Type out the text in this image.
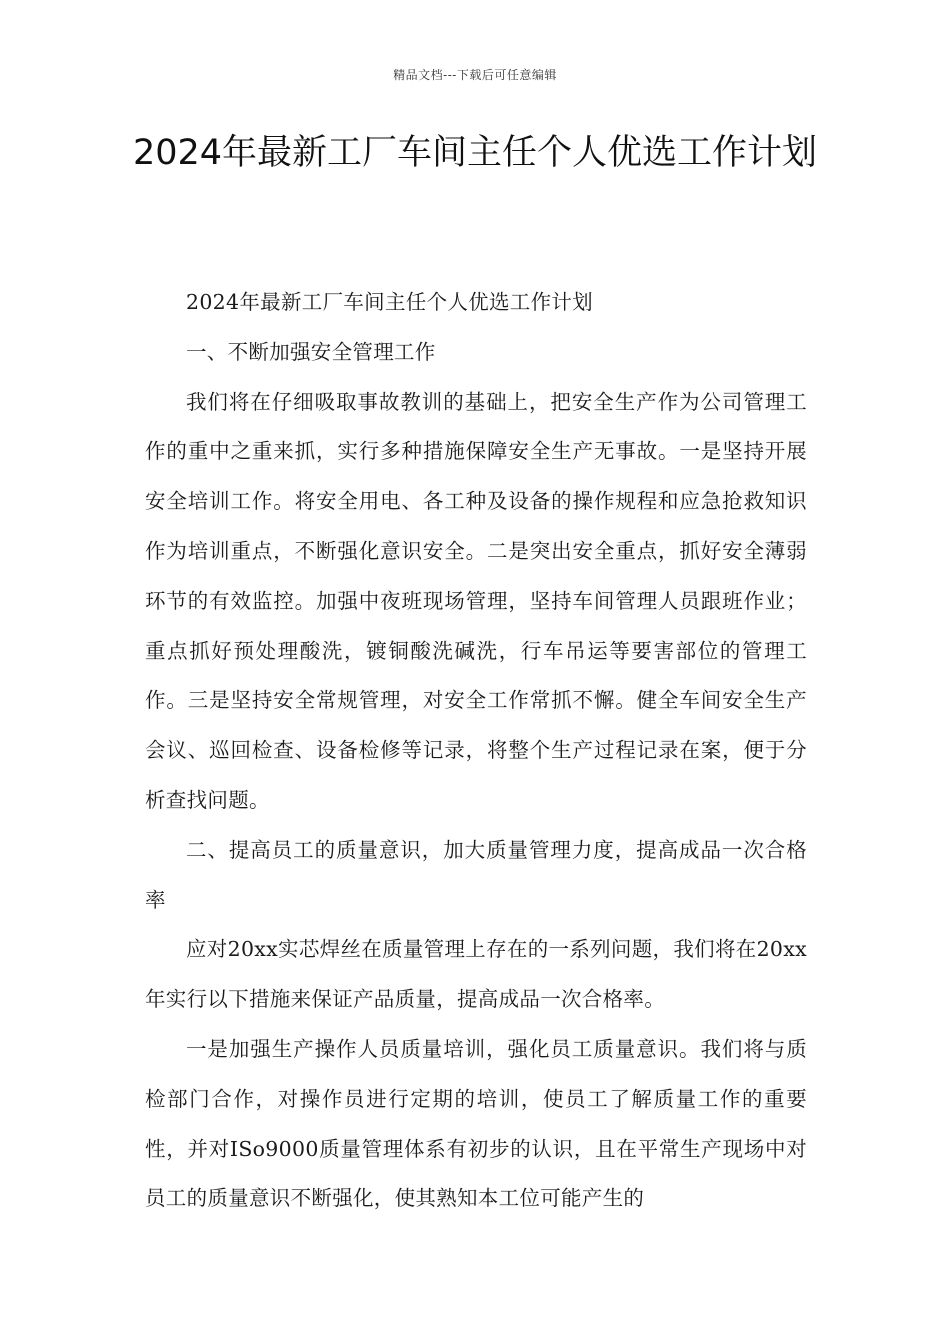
精品文档---下载后可任意编辑
2024年最新工厂车间主任个人优选工作计划

2024年最新工厂车间主任个人优选工作计划

一、不断加强安全管理工作

我们将在仔细吸取事故教训的基础上，把安全生产作为公司管理工作的重中之重来抓，实行多种措施保障安全生产无事故。一是坚持开展安全培训工作。将安全用电、各工种及设备的操作规程和应急抢救知识作为培训重点，不断强化意识安全。二是突出安全重点，抓好安全薄弱环节的有效监控。加强中夜班现场管理，坚持车间管理人员跟班作业；重点抓好预处理酸洗，镀铜酸洗碱洗，行车吊运等要害部位的管理工作。三是坚持安全常规管理，对安全工作常抓不懈。健全车间安全生产会议、巡回检查、设备检修等记录，将整个生产过程记录在案，便于分析查找问题。

二、提高员工的质量意识，加大质量管理力度，提高成品一次合格率

应对20xx实芯焊丝在质量管理上存在的一系列问题，我们将在20xx年实行以下措施来保证产品质量，提高成品一次合格率。

一是加强生产操作人员质量培训，强化员工质量意识。我们将与质检部门合作，对操作员进行定期的培训，使员工了解质量工作的重要性，并对ISo9000质量管理体系有初步的认识，且在平常生产现场中对员工的质量意识不断强化，使其熟知本工位可能产生的
